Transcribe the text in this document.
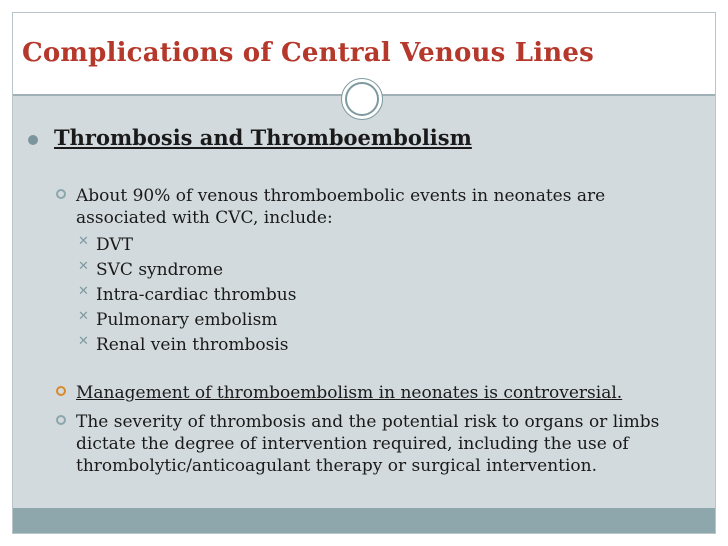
Complications of Central Venous Lines
Thrombosis and Thromboembolism
About 90% of venous thromboembolic events in neonates are
associated with CVC, include:
✕ DVT
✕ SVC syndrome
✕ Intra-cardiac thrombus
✕ Pulmonary embolism
✕ Renal vein thrombosis
Management of thromboembolism in neonates is controversial.
The severity of thrombosis and the potential risk to organs or limbs
dictate the degree of intervention required, including the use of
thrombolytic/anticoagulant therapy or surgical intervention.
